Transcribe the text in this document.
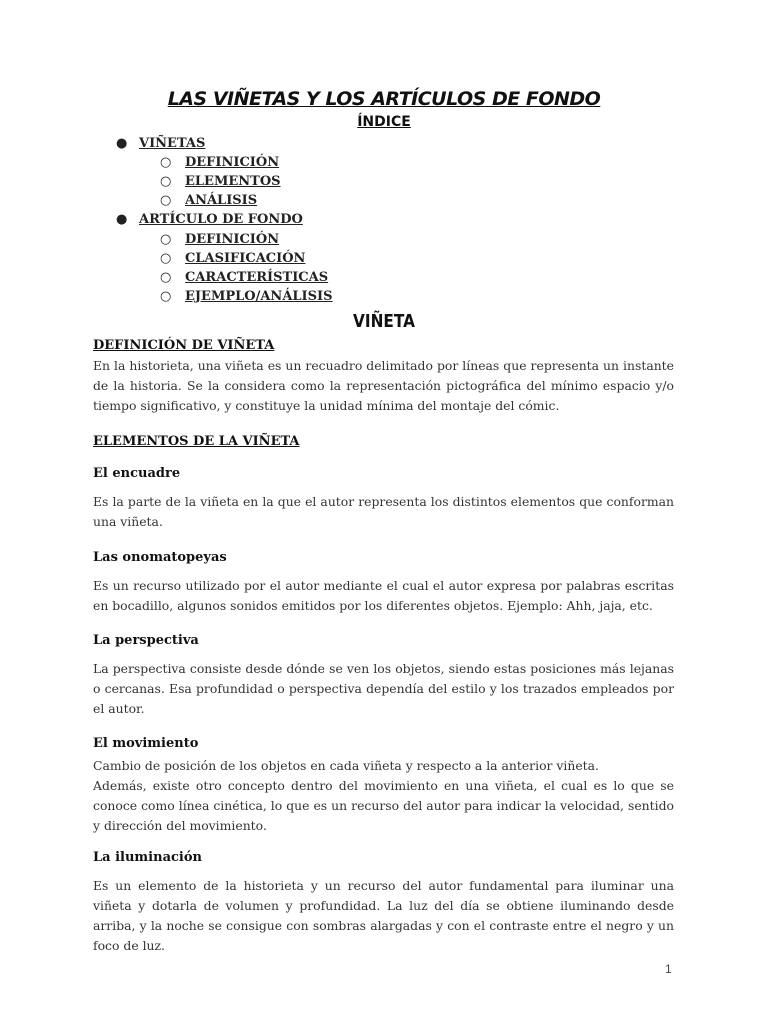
LAS VIÑETAS Y LOS ARTÍCULOS DE FONDO
ÍNDICE
● VIÑETAS
○ DEFINICIÓN
○ ELEMENTOS
○ ANÁLISIS
● ARTÍCULO DE FONDO
○ DEFINICIÓN
○ CLASIFICACIÓN
○ CARACTERÍSTICAS
○ EJEMPLO/ANÁLISIS
VIÑETA
DEFINICIÓN DE VIÑETA
En la historieta, una viñeta es un recuadro delimitado por líneas que representa un instante de la historia. Se la considera como la representación pictográfica del mínimo espacio y/o tiempo significativo, y constituye la unidad mínima del montaje del cómic.
ELEMENTOS DE LA VIÑETA
El encuadre
Es la parte de la viñeta en la que el autor representa los distintos elementos que conforman una viñeta.
Las onomatopeyas
Es un recurso utilizado por el autor mediante el cual el autor expresa por palabras escritas en bocadillo, algunos sonidos emitidos por los diferentes objetos. Ejemplo: Ahh, jaja, etc.
La perspectiva
La perspectiva consiste desde dónde se ven los objetos, siendo estas posiciones más lejanas o cercanas. Esa profundidad o perspectiva dependía del estilo y los trazados empleados por el autor.
El movimiento
Cambio de posición de los objetos en cada viñeta y respecto a la anterior viñeta.
Además, existe otro concepto dentro del movimiento en una viñeta, el cual es lo que se conoce como línea cinética, lo que es un recurso del autor para indicar la velocidad, sentido y dirección del movimiento.
La iluminación
Es un elemento de la historieta y un recurso del autor fundamental para iluminar una viñeta y dotarla de volumen y profundidad. La luz del día se obtiene iluminando desde arriba, y la noche se consigue con sombras alargadas y con el contraste entre el negro y un foco de luz.
1
